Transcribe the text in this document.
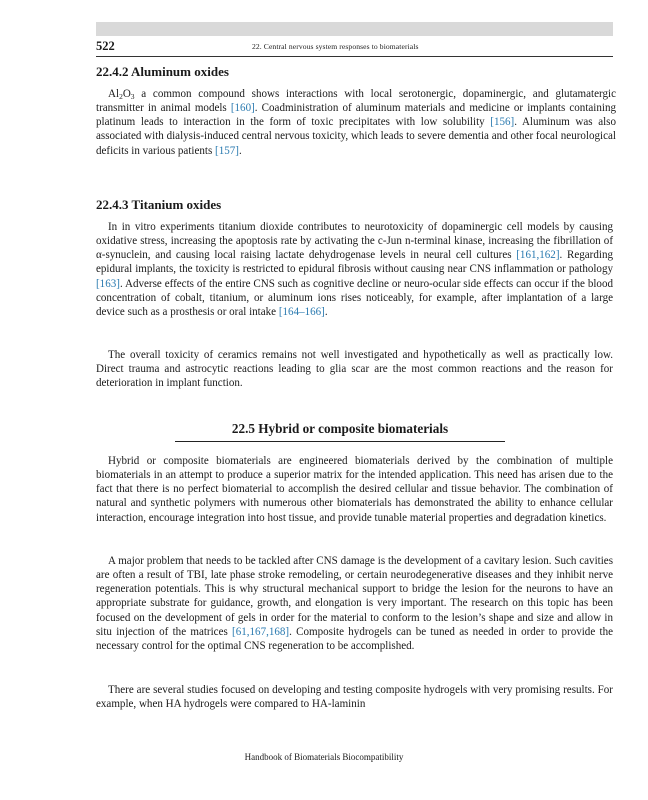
522	22. Central nervous system responses to biomaterials
22.4.2 Aluminum oxides

$Al_2O_3$ a common compound shows interactions with local serotonergic, dopaminergic, and glutamatergic transmitter in animal models [160]. Coadministration of aluminum materials and medicine or implants containing platinum leads to interaction in the form of toxic precipitates with low solubility [156]. Aluminum was also associated with dialysis-induced central nervous toxicity, which leads to severe dementia and other focal neurological deficits in various patients [157].

22.4.3 Titanium oxides

In in vitro experiments titanium dioxide contributes to neurotoxicity of dopaminergic cell models by causing oxidative stress, increasing the apoptosis rate by activating the c-Jun n-terminal kinase, increasing the fibrillation of α-synuclein, and causing local raising lactate dehydrogenase levels in neural cell cultures [161,162]. Regarding epidural implants, the toxicity is restricted to epidural fibrosis without causing near CNS inflammation or pathology [163]. Adverse effects of the entire CNS such as cognitive decline or neuro-ocular side effects can occur if the blood concentration of cobalt, titanium, or aluminum ions rises noticeably, for example, after implantation of a large device such as a prosthesis or oral intake [164–166].

The overall toxicity of ceramics remains not well investigated and hypothetically as well as practically low. Direct trauma and astrocytic reactions leading to glia scar are the most common reactions and the reason for deterioration in implant function.

22.5 Hybrid or composite biomaterials

Hybrid or composite biomaterials are engineered biomaterials derived by the combination of multiple biomaterials in an attempt to produce a superior matrix for the intended application. This need has arisen due to the fact that there is no perfect biomaterial to accomplish the desired cellular and tissue behavior. The combination of natural and synthetic polymers with numerous other biomaterials has demonstrated the ability to enhance cellular interaction, encourage integration into host tissue, and provide tunable material properties and degradation kinetics.

A major problem that needs to be tackled after CNS damage is the development of a cavitary lesion. Such cavities are often a result of TBI, late phase stroke remodeling, or certain neurodegenerative diseases and they inhibit nerve regeneration potentials. This is why structural mechanical support to bridge the lesion for the neurons to have an appropriate substrate for guidance, growth, and elongation is very important. The research on this topic has been focused on the development of gels in order for the material to conform to the lesion’s shape and size and allow in situ injection of the matrices [61,167,168]. Composite hydrogels can be tuned as needed in order to provide the necessary control for the optimal CNS regeneration to be accomplished.

There are several studies focused on developing and testing composite hydrogels with very promising results. For example, when HA hydrogels were compared to HA-laminin

Handbook of Biomaterials Biocompatibility
